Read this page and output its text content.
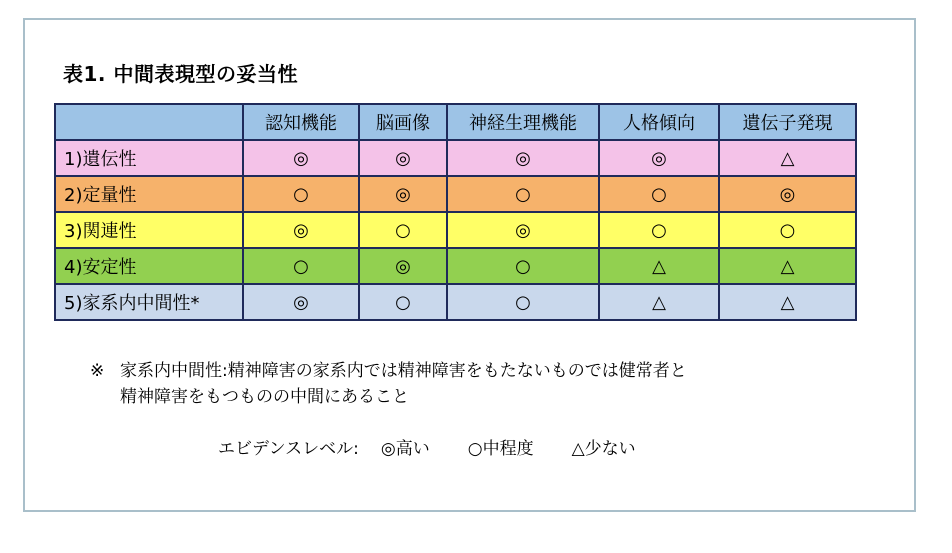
表1. 中間表現型の妥当性
	認知機能	脳画像	神経生理機能	人格傾向	遺伝子発現
1)遺伝性	◎	◎	◎	◎	△
2)定量性	○	◎	○	○	◎
3)関連性	◎	○	◎	○	○
4)安定性	○	◎	○	△	△
5)家系内中間性*	◎	○	○	△	△
※ 家系内中間性:精神障害の家系内では精神障害をもたないものでは健常者と
精神障害をもつものの中間にあること
エビデンスレベル: ◎高い ○中程度 △少ない
